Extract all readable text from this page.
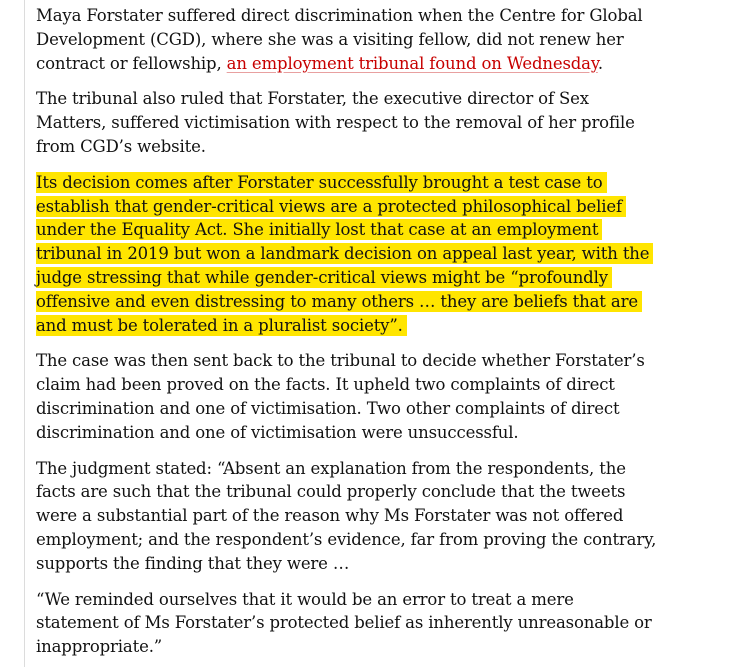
Maya Forstater suffered direct discrimination when the Centre for Global Development (CGD), where she was a visiting fellow, did not renew her contract or fellowship, an employment tribunal found on Wednesday.

The tribunal also ruled that Forstater, the executive director of Sex Matters, suffered victimisation with respect to the removal of her profile from CGD’s website.

Its decision comes after Forstater successfully brought a test case to establish that gender-critical views are a protected philosophical belief under the Equality Act. She initially lost that case at an employment tribunal in 2019 but won a landmark decision on appeal last year, with the judge stressing that while gender-critical views might be “profoundly offensive and even distressing to many others … they are beliefs that are and must be tolerated in a pluralist society”.

The case was then sent back to the tribunal to decide whether Forstater’s claim had been proved on the facts. It upheld two complaints of direct discrimination and one of victimisation. Two other complaints of direct discrimination and one of victimisation were unsuccessful.

The judgment stated: “Absent an explanation from the respondents, the facts are such that the tribunal could properly conclude that the tweets were a substantial part of the reason why Ms Forstater was not offered employment; and the respondent’s evidence, far from proving the contrary, supports the finding that they were …

“We reminded ourselves that it would be an error to treat a mere statement of Ms Forstater’s protected belief as inherently unreasonable or inappropriate.”
